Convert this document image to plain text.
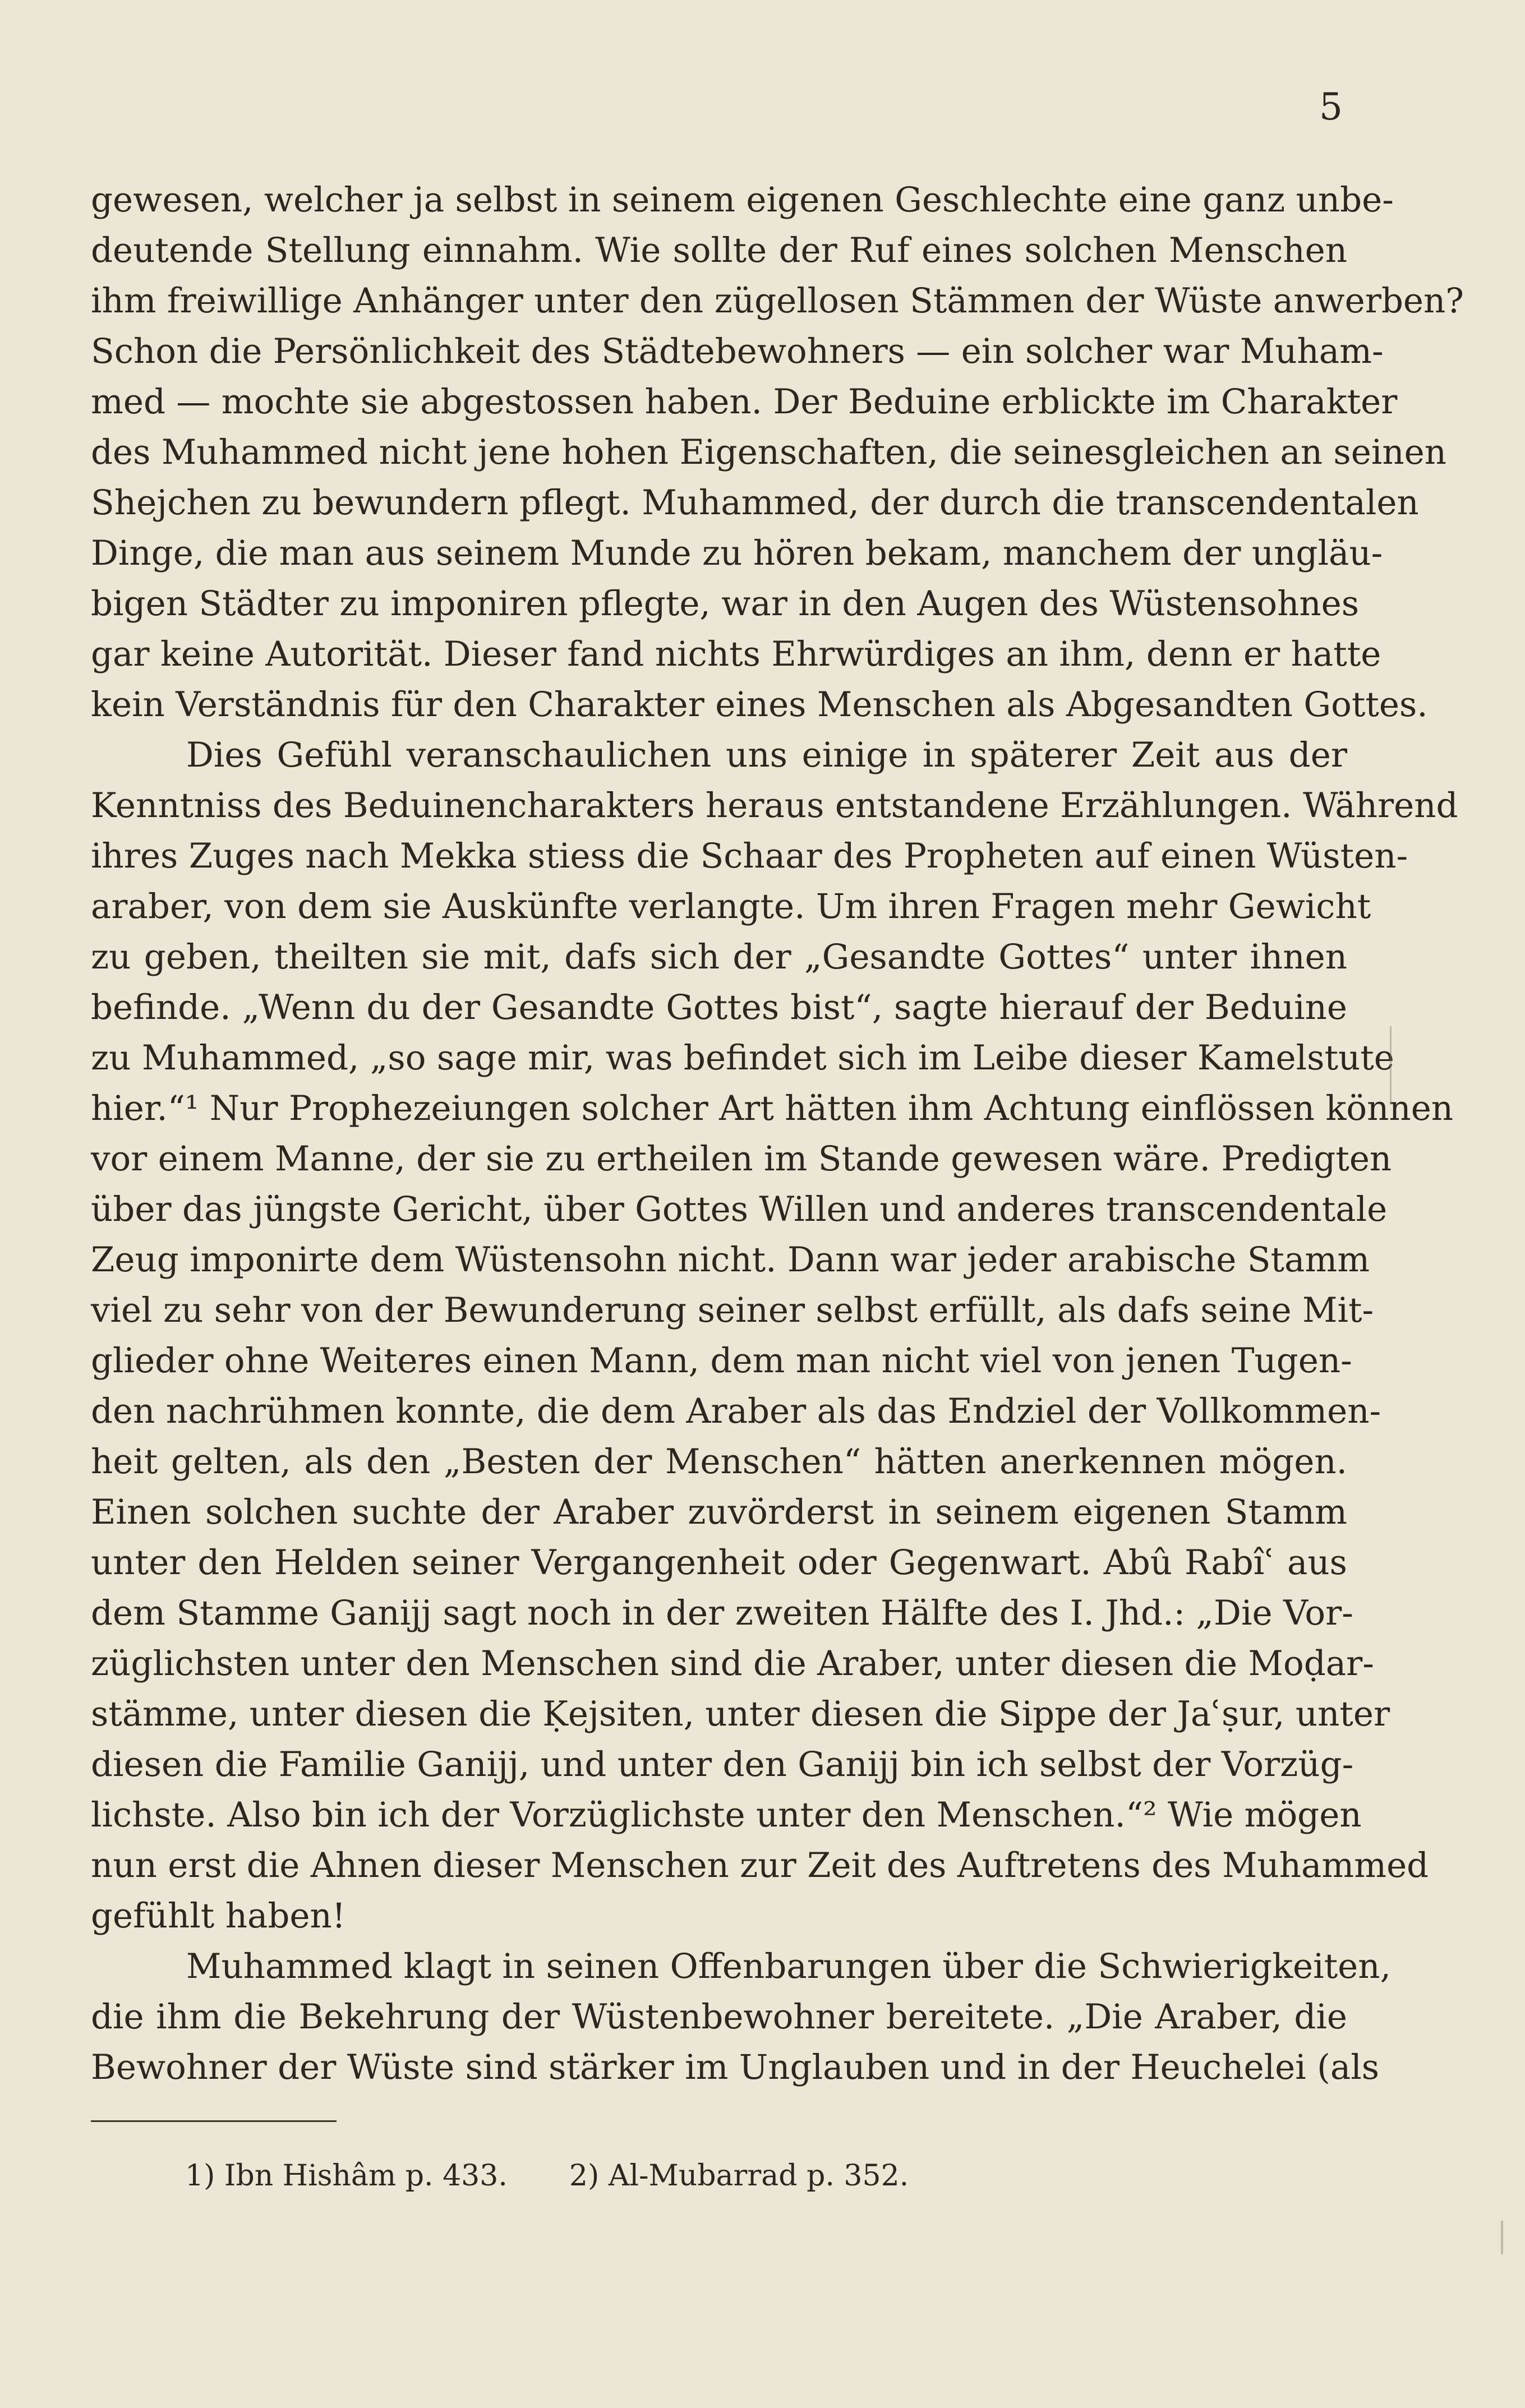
5
gewesen, welcher ja selbst in seinem eigenen Geschlechte eine ganz unbe-
deutende Stellung einnahm. Wie sollte der Ruf eines solchen Menschen
ihm freiwillige Anhänger unter den zügellosen Stämmen der Wüste anwerben?
Schon die Persönlichkeit des Städtebewohners — ein solcher war Muham-
med — mochte sie abgestossen haben. Der Beduine erblickte im Charakter
des Muhammed nicht jene hohen Eigenschaften, die seinesgleichen an seinen
Shejchen zu bewundern pflegt. Muhammed, der durch die transcendentalen
Dinge, die man aus seinem Munde zu hören bekam, manchem der ungläu-
bigen Städter zu imponiren pflegte, war in den Augen des Wüstensohnes
gar keine Autorität. Dieser fand nichts Ehrwürdiges an ihm, denn er hatte
kein Verständnis für den Charakter eines Menschen als Abgesandten Gottes.
Dies Gefühl veranschaulichen uns einige in späterer Zeit aus der
Kenntniss des Beduinencharakters heraus entstandene Erzählungen. Während
ihres Zuges nach Mekka stiess die Schaar des Propheten auf einen Wüsten-
araber, von dem sie Auskünfte verlangte. Um ihren Fragen mehr Gewicht
zu geben, theilten sie mit, dafs sich der „Gesandte Gottes“ unter ihnen
befinde. „Wenn du der Gesandte Gottes bist“, sagte hierauf der Beduine
zu Muhammed, „so sage mir, was befindet sich im Leibe dieser Kamelstute
hier.“¹ Nur Prophezeiungen solcher Art hätten ihm Achtung einflössen können
vor einem Manne, der sie zu ertheilen im Stande gewesen wäre. Predigten
über das jüngste Gericht, über Gottes Willen und anderes transcendentale
Zeug imponirte dem Wüstensohn nicht. Dann war jeder arabische Stamm
viel zu sehr von der Bewunderung seiner selbst erfüllt, als dafs seine Mit-
glieder ohne Weiteres einen Mann, dem man nicht viel von jenen Tugen-
den nachrühmen konnte, die dem Araber als das Endziel der Vollkommen-
heit gelten, als den „Besten der Menschen“ hätten anerkennen mögen.
Einen solchen suchte der Araber zuvörderst in seinem eigenen Stamm
unter den Helden seiner Vergangenheit oder Gegenwart. Abû Rabîʿ aus
dem Stamme Ganijj sagt noch in der zweiten Hälfte des I. Jhd.: „Die Vor-
züglichsten unter den Menschen sind die Araber, unter diesen die Moḍar-
stämme, unter diesen die Ḳejsiten, unter diesen die Sippe der Jaʿṣur, unter
diesen die Familie Ganijj, und unter den Ganijj bin ich selbst der Vorzüg-
lichste. Also bin ich der Vorzüglichste unter den Menschen.“² Wie mögen
nun erst die Ahnen dieser Menschen zur Zeit des Auftretens des Muhammed
gefühlt haben!
Muhammed klagt in seinen Offenbarungen über die Schwierigkeiten,
die ihm die Bekehrung der Wüstenbewohner bereitete. „Die Araber, die
Bewohner der Wüste sind stärker im Unglauben und in der Heuchelei (als
1) Ibn Hishâm p. 433. 2) Al-Mubarrad p. 352.
